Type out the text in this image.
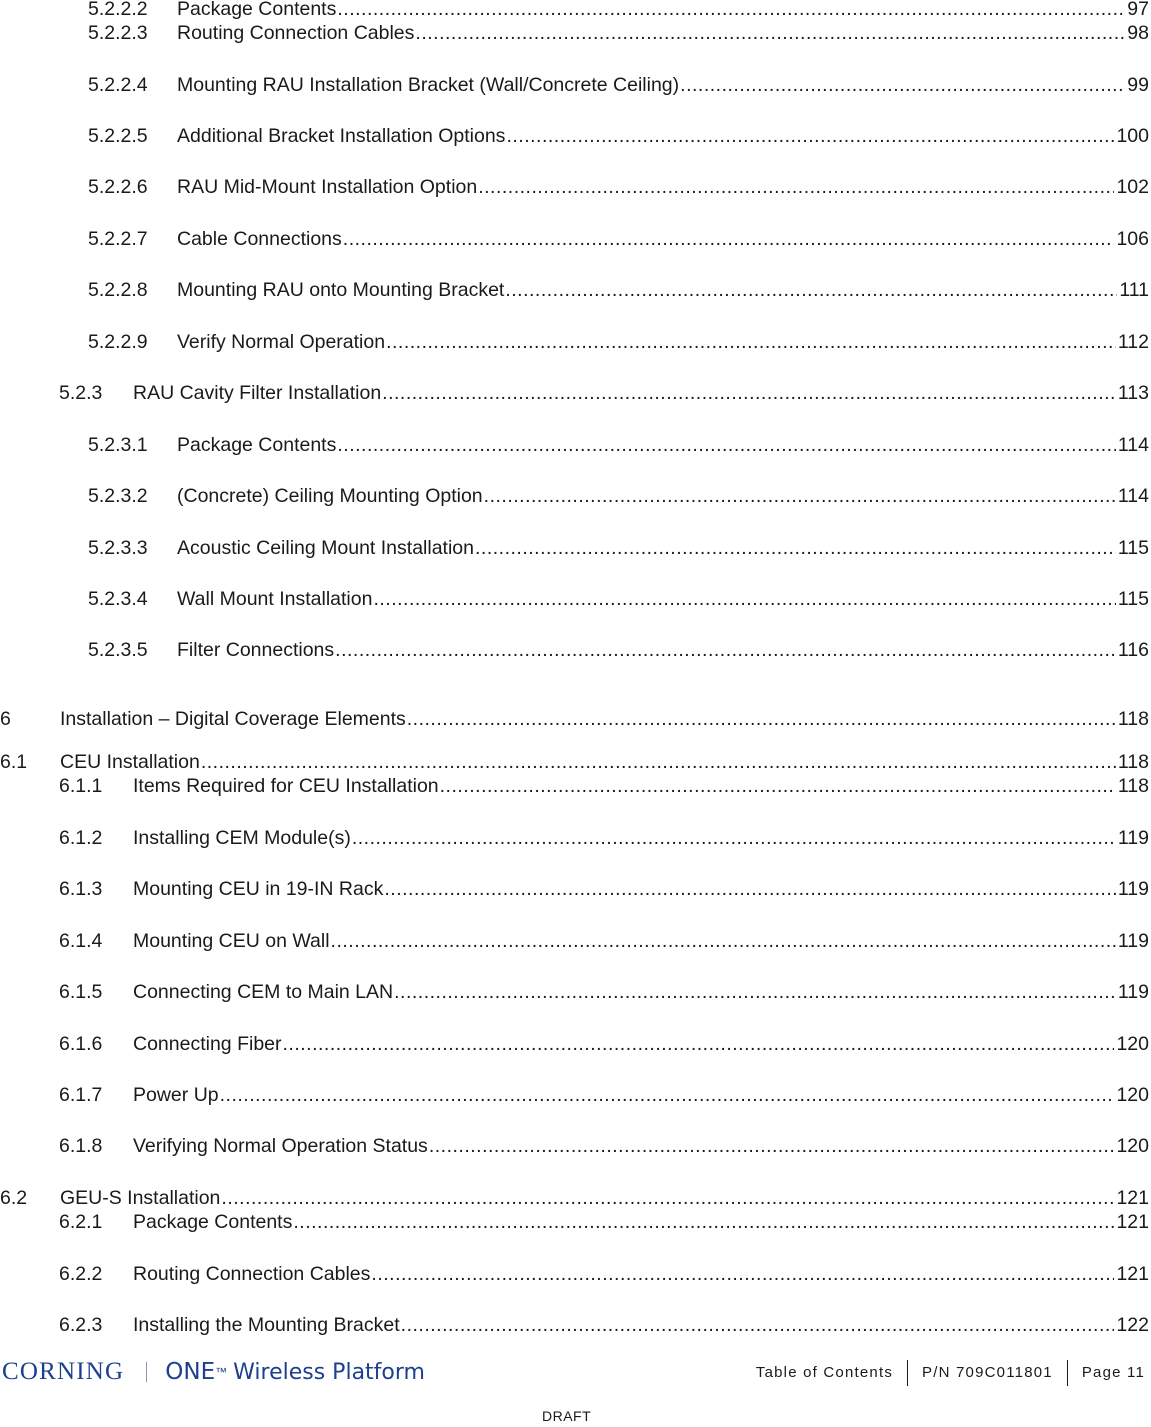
5.2.2.2	Package Contents .....	97
5.2.2.3	Routing Connection Cables .....	98
5.2.2.4	Mounting RAU Installation Bracket (Wall/Concrete Ceiling) .....	99
5.2.2.5	Additional Bracket Installation Options .....	100
5.2.2.6	RAU Mid-Mount Installation Option .....	102
5.2.2.7	Cable Connections .....	106
5.2.2.8	Mounting RAU onto Mounting Bracket .....	111
5.2.2.9	Verify Normal Operation .....	112
5.2.3	RAU Cavity Filter Installation .....	113
5.2.3.1	Package Contents .....	114
5.2.3.2	(Concrete) Ceiling Mounting Option .....	114
5.2.3.3	Acoustic Ceiling Mount Installation .....	115
5.2.3.4	Wall Mount Installation .....	115
5.2.3.5	Filter Connections .....	116
6	Installation – Digital Coverage Elements .....	118
6.1	CEU Installation .....	118
6.1.1	Items Required for CEU Installation .....	118
6.1.2	Installing CEM Module(s) .....	119
6.1.3	Mounting CEU in 19-IN Rack .....	119
6.1.4	Mounting CEU on Wall .....	119
6.1.5	Connecting CEM to Main LAN .....	119
6.1.6	Connecting Fiber .....	120
6.1.7	Power Up .....	120
6.1.8	Verifying Normal Operation Status .....	120
6.2	GEU-S Installation .....	121
6.2.1	Package Contents .....	121
6.2.2	Routing Connection Cables .....	121
6.2.3	Installing the Mounting Bracket .....	122
CORNING ONE ™ Wireless Platform	Table of Contents	P/N 709C011801	Page 11
DRAFT
